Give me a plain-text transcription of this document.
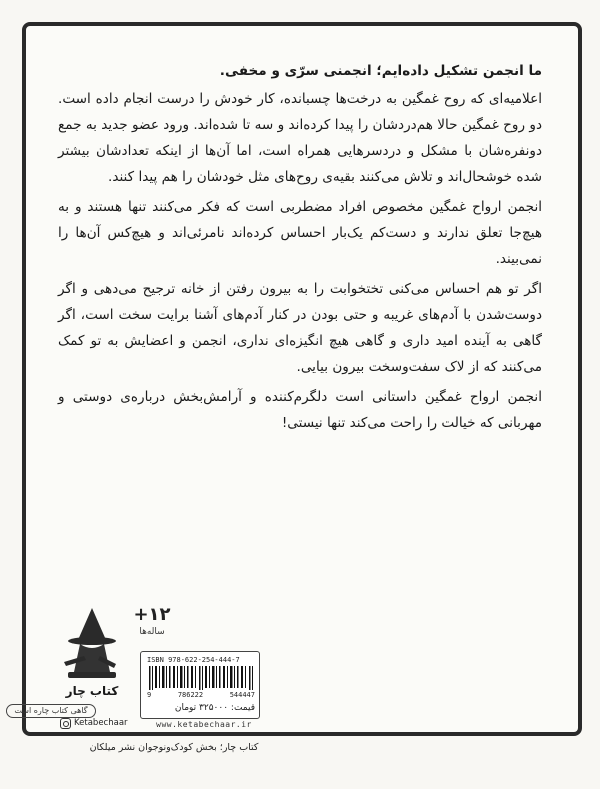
ما انجمن تشکیل داده‌ایم؛ انجمنی سرّی و مخفی.

اعلامیه‌ای که روح غمگین به درخت‌ها چسبانده، کار خودش را درست انجام داده است. دو روح غمگین حالا هم‌دردشان را پیدا کرده‌اند و سه تا شده‌اند. ورود عضو جدید به جمع دونفره‌شان با مشکل و دردسرهایی همراه است، اما آن‌ها از اینکه تعدادشان بیشتر شده خوشحال‌اند و تلاش می‌کنند بقیه‌ی روح‌های مثل خودشان را هم پیدا کنند.

انجمن ارواح غمگین مخصوص افراد مضطربی است که فکر می‌کنند تنها هستند و به هیچ‌جا تعلق ندارند و دست‌کم یک‌بار احساس کرده‌اند نامرئی‌اند و هیچ‌کس آن‌ها را نمی‌بیند.

اگر تو هم احساس می‌کنی تختخوابت را به بیرون رفتن از خانه ترجیح می‌دهی و اگر دوست‌شدن با آدم‌های غریبه و حتی بودن در کنار آدم‌های آشنا برایت سخت است، اگر گاهی به آینده امید داری و گاهی هیچ انگیزه‌ای نداری، انجمن و اعضایش به تو کمک می‌کنند که از لاک سفت‌وسخت بیرون بیایی.

انجمن ارواح غمگین داستانی است دلگرم‌کننده و آرامش‌بخش درباره‌ی دوستی و مهربانی که خیالت را راحت می‌کند تنها نیستی!

کتاب چار
گاهی کتاب چاره است
+۱۲
ساله‌ها
ISBN 978-622-254-444-7
9	786222	544447
قیمت: ۳۲۵۰۰۰ تومان
www.ketabechaar.ir
Ketabechaar
کتاب چار؛ بخش کودک‌ونوجوان نشر میلکان
